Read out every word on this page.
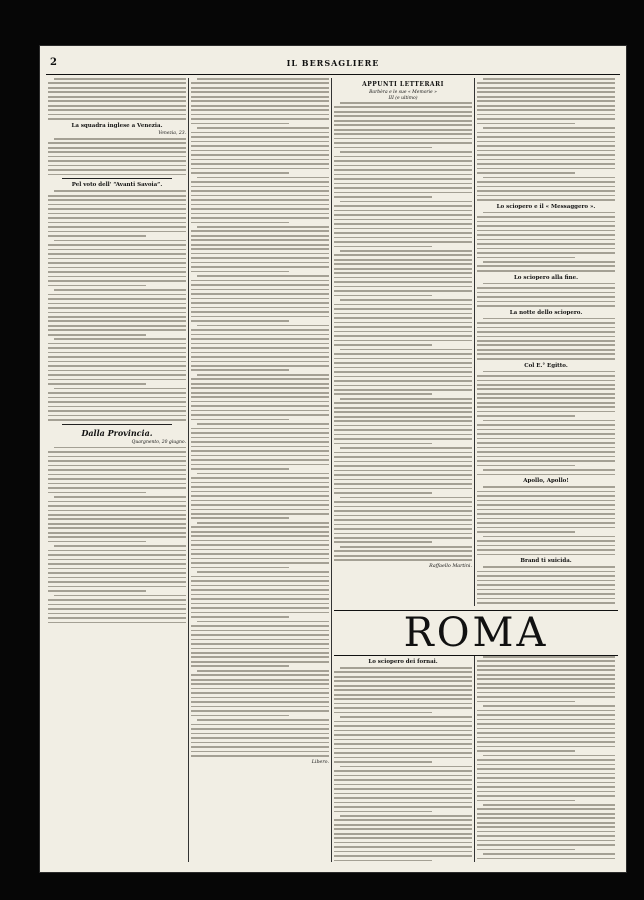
2	IL BERSAGLIERE
La squadra inglese a Venezia.
Venezia, 23.
Pel voto dell' “Avanti Savoia”.
Dalla Provincia.
Quargnento, 20 giugno.
Libero.
APPUNTI LETTERARI
Barbèra e le sue « Memorie »
III (e ultimo)
Raffaello Martini.
Lo sciopero e il « Messaggero ».
Lo sciopero alla fine.
La notte dello sciopero.
Col E.° Egitto.
Apollo, Apollo!
Brand ti suicida.
ROMA
Lo sciopero dei fornai.
